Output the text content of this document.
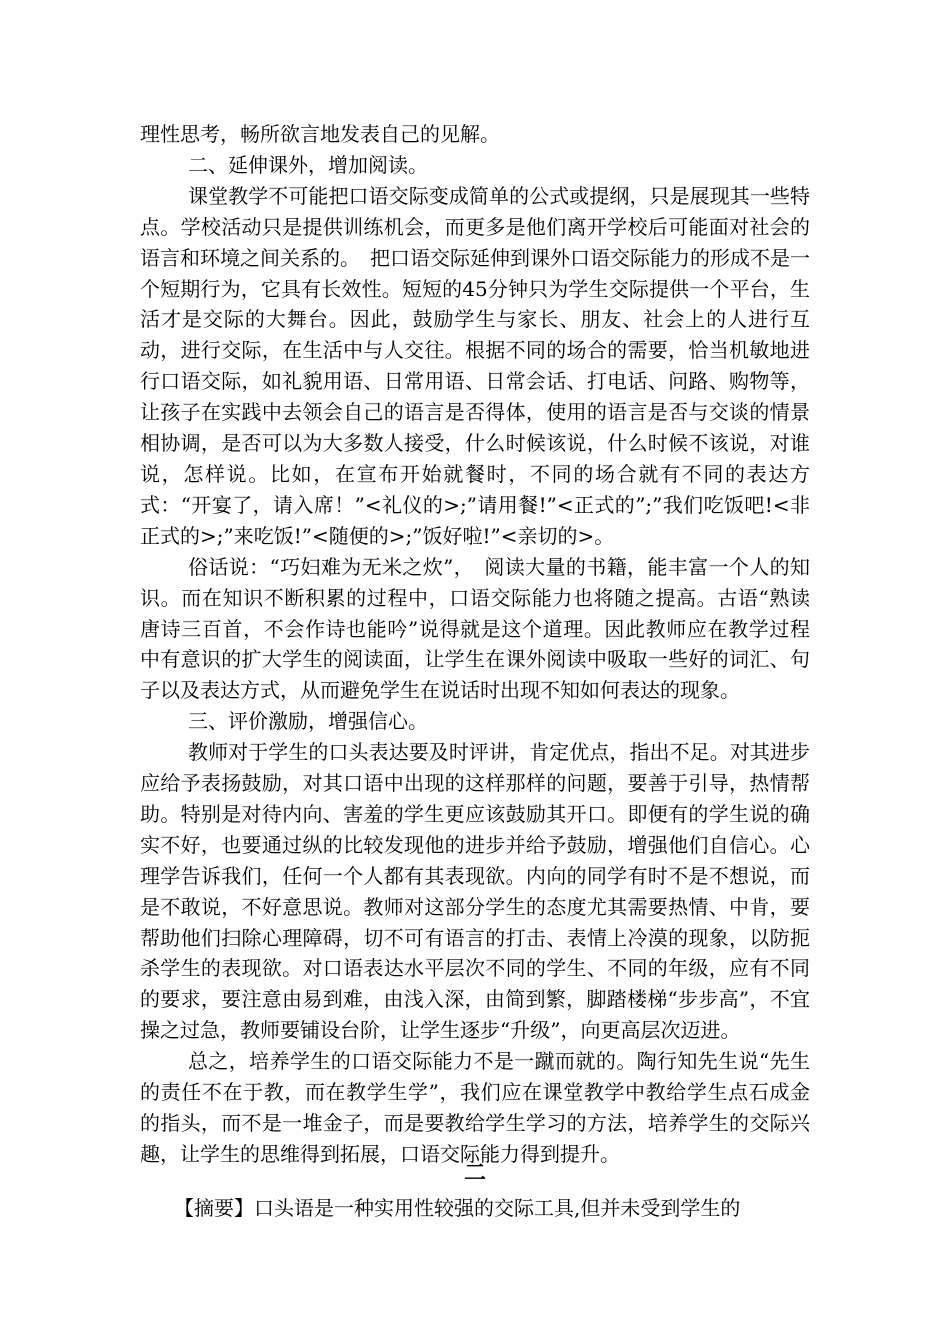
理性思考，畅所欲言地发表自己的见解。

二、延伸课外，增加阅读。

课堂教学不可能把口语交际变成简单的公式或提纲，只是展现其一些特点。学校活动只是提供训练机会，而更多是他们离开学校后可能面对社会的语言和环境之间关系的。　把口语交际延伸到课外口语交际能力的形成不是一个短期行为，它具有长效性。短短的45分钟只为学生交际提供一个平台，生活才是交际的大舞台。因此，鼓励学生与家长、朋友、社会上的人进行互动，进行交际，在生活中与人交往。根据不同的场合的需要，恰当机敏地进行口语交际，如礼貌用语、日常用语、日常会话、打电话、问路、购物等，让孩子在实践中去领会自己的语言是否得体，使用的语言是否与交谈的情景相协调，是否可以为大多数人接受，什么时候该说，什么时候不该说，对谁说，怎样说。比如，在宣布开始就餐时，不同的场合就有不同的表达方式：“开宴了，请入席！”<礼仪的>;”请用餐!”<正式的”;”我们吃饭吧!<非正式的>;”来吃饭!”<随便的>;”饭好啦!”<亲切的>。

俗话说：“巧妇难为无米之炊”，　阅读大量的书籍，能丰富一个人的知识。而在知识不断积累的过程中，口语交际能力也将随之提高。古语“熟读唐诗三百首，不会作诗也能吟”说得就是这个道理。因此教师应在教学过程中有意识的扩大学生的阅读面，让学生在课外阅读中吸取一些好的词汇、句子以及表达方式，从而避免学生在说话时出现不知如何表达的现象。

三、评价激励，增强信心。

教师对于学生的口头表达要及时评讲，肯定优点，指出不足。对其进步应给予表扬鼓励，对其口语中出现的这样那样的问题，要善于引导，热情帮助。特别是对待内向、害羞的学生更应该鼓励其开口。即便有的学生说的确实不好，也要通过纵的比较发现他的进步并给予鼓励，增强他们自信心。心理学告诉我们，任何一个人都有其表现欲。内向的同学有时不是不想说，而是不敢说，不好意思说。教师对这部分学生的态度尤其需要热情、中肯，要帮助他们扫除心理障碍，切不可有语言的打击、表情上冷漠的现象，以防扼杀学生的表现欲。对口语表达水平层次不同的学生、不同的年级，应有不同的要求，要注意由易到难，由浅入深，由简到繁，脚踏楼梯“步步高”，不宜操之过急，教师要铺设台阶，让学生逐步“升级”，向更高层次迈进。

总之，培养学生的口语交际能力不是一蹴而就的。陶行知先生说“先生的责任不在于教，而在教学生学”，我们应在课堂教学中教给学生点石成金的指头，而不是一堆金子，而是要教给学生学习的方法，培养学生的交际兴趣，让学生的思维得到拓展，口语交际能力得到提升。

二
【摘要】口头语是一种实用性较强的交际工具,但并未受到学生的
